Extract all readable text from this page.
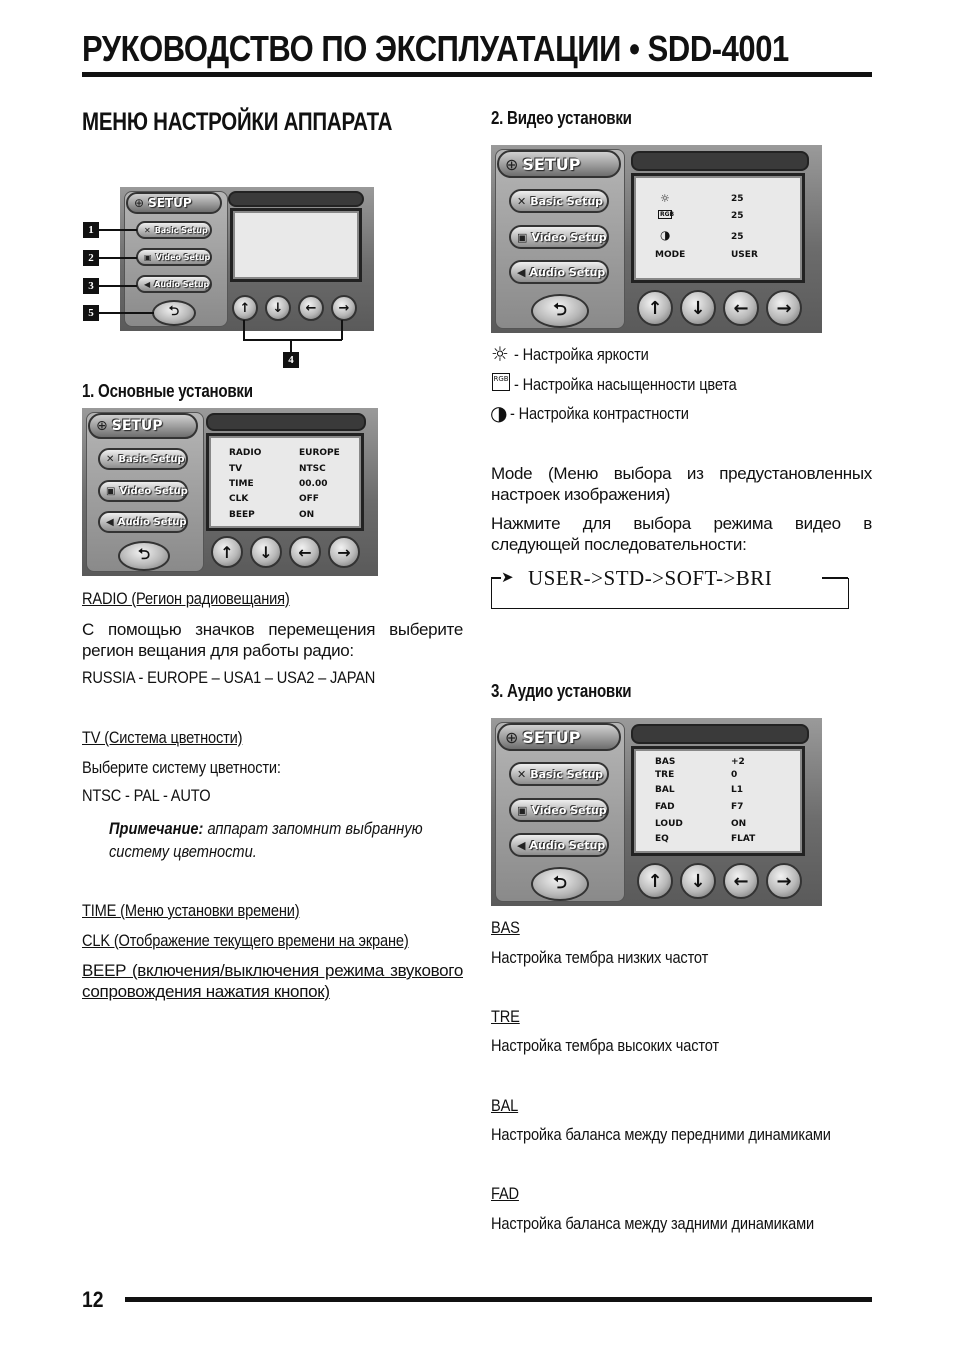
РУКОВОДСТВО ПО ЭКСПЛУАТАЦИИ • SDD-4001
МЕНЮ НАСТРОЙКИ АППАРАТА
⊕ SETUP
✕ Basic Setup
▣ Video Setup
◀ Audio Setup
⮌	↑ ↓ ← →
1
2
3
5
4
1. Основные установки
⊕ SETUP
✕ Basic Setup
▣ Video Setup
◀ Audio Setup
⮌
RADIO	EUROPE
TV	NTSC
TIME	00.00
CLK	OFF
BEEP	ON
↑ ↓ ← →
RADIO (Регион радиовещания)
С помощью значков перемещения выберите регион вещания для работы радио:
RUSSIA - EUROPE – USA1 – USA2 – JAPAN
TV (Система цветности)
Выберите систему цветности:
NTSC - PAL - AUTO
Примечание: аппарат запомнит выбранную
систему цветности.
TIME (Меню установки времени)
CLK (Отображение текущего времени на экране)
BEEP (включения/выключения режима звукового сопровождения нажатия кнопок)
2. Видео установки
⊕ SETUP
✕ Basic Setup
▣ Video Setup
◀ Audio Setup
⮌
☼	25
RGB	25
◑	25
MODE	USER
↑ ↓ ← →
☼ - Настройка яркости
RGB - Настройка насыщенности цвета
◑ - Настройка контрастности
Mode (Меню выбора из предустановленных настроек изображения)
Нажмите для выбора режима видео в следующей последовательности:
➤ USER->STD->SOFT->BRI
3. Аудио установки
⊕ SETUP
✕ Basic Setup
▣ Video Setup
◀ Audio Setup
⮌
BAS	+2
TRE	0
BAL	L1
FAD	F7
LOUD	ON
EQ	FLAT
↑ ↓ ← →
BAS
Настройка тембра низких частот
TRE
Настройка тембра высоких частот
BAL
Настройка баланса между передними динамиками
FAD
Настройка баланса между задними динамиками
12
